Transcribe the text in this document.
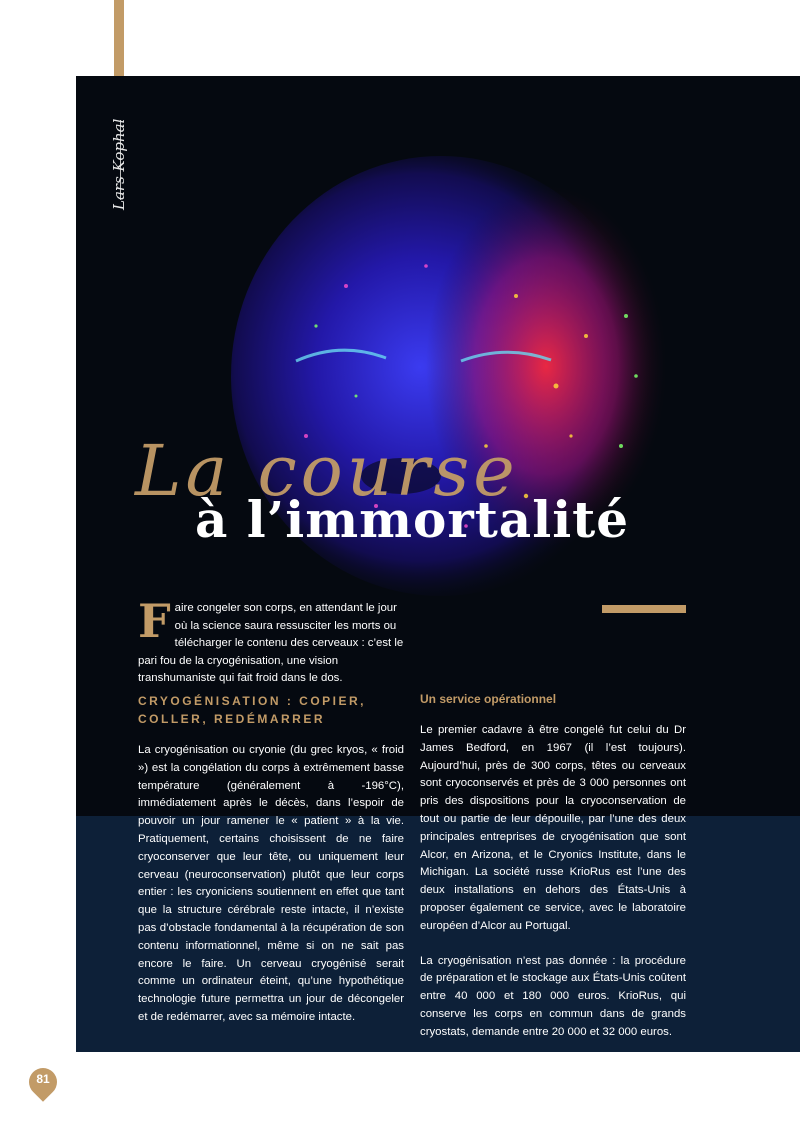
Lars Kophal
La course
à l’immortalité
F aire congeler son corps, en attendant le jour où la science saura ressusciter les morts ou télécharger le contenu des cerveaux : c’est le pari fou de la cryogénisation, une vision transhumaniste qui fait froid dans le dos.
CRYOGÉNISATION : COPIER, COLLER, REDÉMARRER

La cryogénisation ou cryonie (du grec kryos, « froid ») est la congélation du corps à extrêmement basse température (généralement à -196°C), immédiatement après le décès, dans l’espoir de pouvoir un jour ramener le « patient » à la vie. Pratiquement, certains choisissent de ne faire cryoconserver que leur tête, ou uniquement leur cerveau (neuroconservation) plutôt que leur corps entier : les cryoniciens soutiennent en effet que tant que la structure cérébrale reste intacte, il n’existe pas d’obstacle fondamental à la récupération de son contenu informationnel, même si on ne sait pas encore le faire. Un cerveau cryogénisé serait comme un ordinateur éteint, qu’une hypothétique technologie future permettra un jour de décongeler et de redémarrer, avec sa mémoire intacte.

Un service opérationnel

Le premier cadavre à être congelé fut celui du Dr James Bedford, en 1967 (il l’est toujours). Aujourd’hui, près de 300 corps, têtes ou cerveaux sont cryoconservés et près de 3 000 personnes ont pris des dispositions pour la cryoconservation de tout ou partie de leur dépouille, par l’une des deux principales entreprises de cryogénisation que sont Alcor, en Arizona, et le Cryonics Institute, dans le Michigan. La société russe KrioRus est l’une des deux installations en dehors des États-Unis à proposer également ce service, avec le laboratoire européen d’Alcor au Portugal.

La cryogénisation n’est pas donnée : la procédure de préparation et le stockage aux États-Unis coûtent entre 40 000 et 180 000 euros. KrioRus, qui conserve les corps en commun dans de grands cryostats, demande entre 20 000 et 32 000 euros.

81
